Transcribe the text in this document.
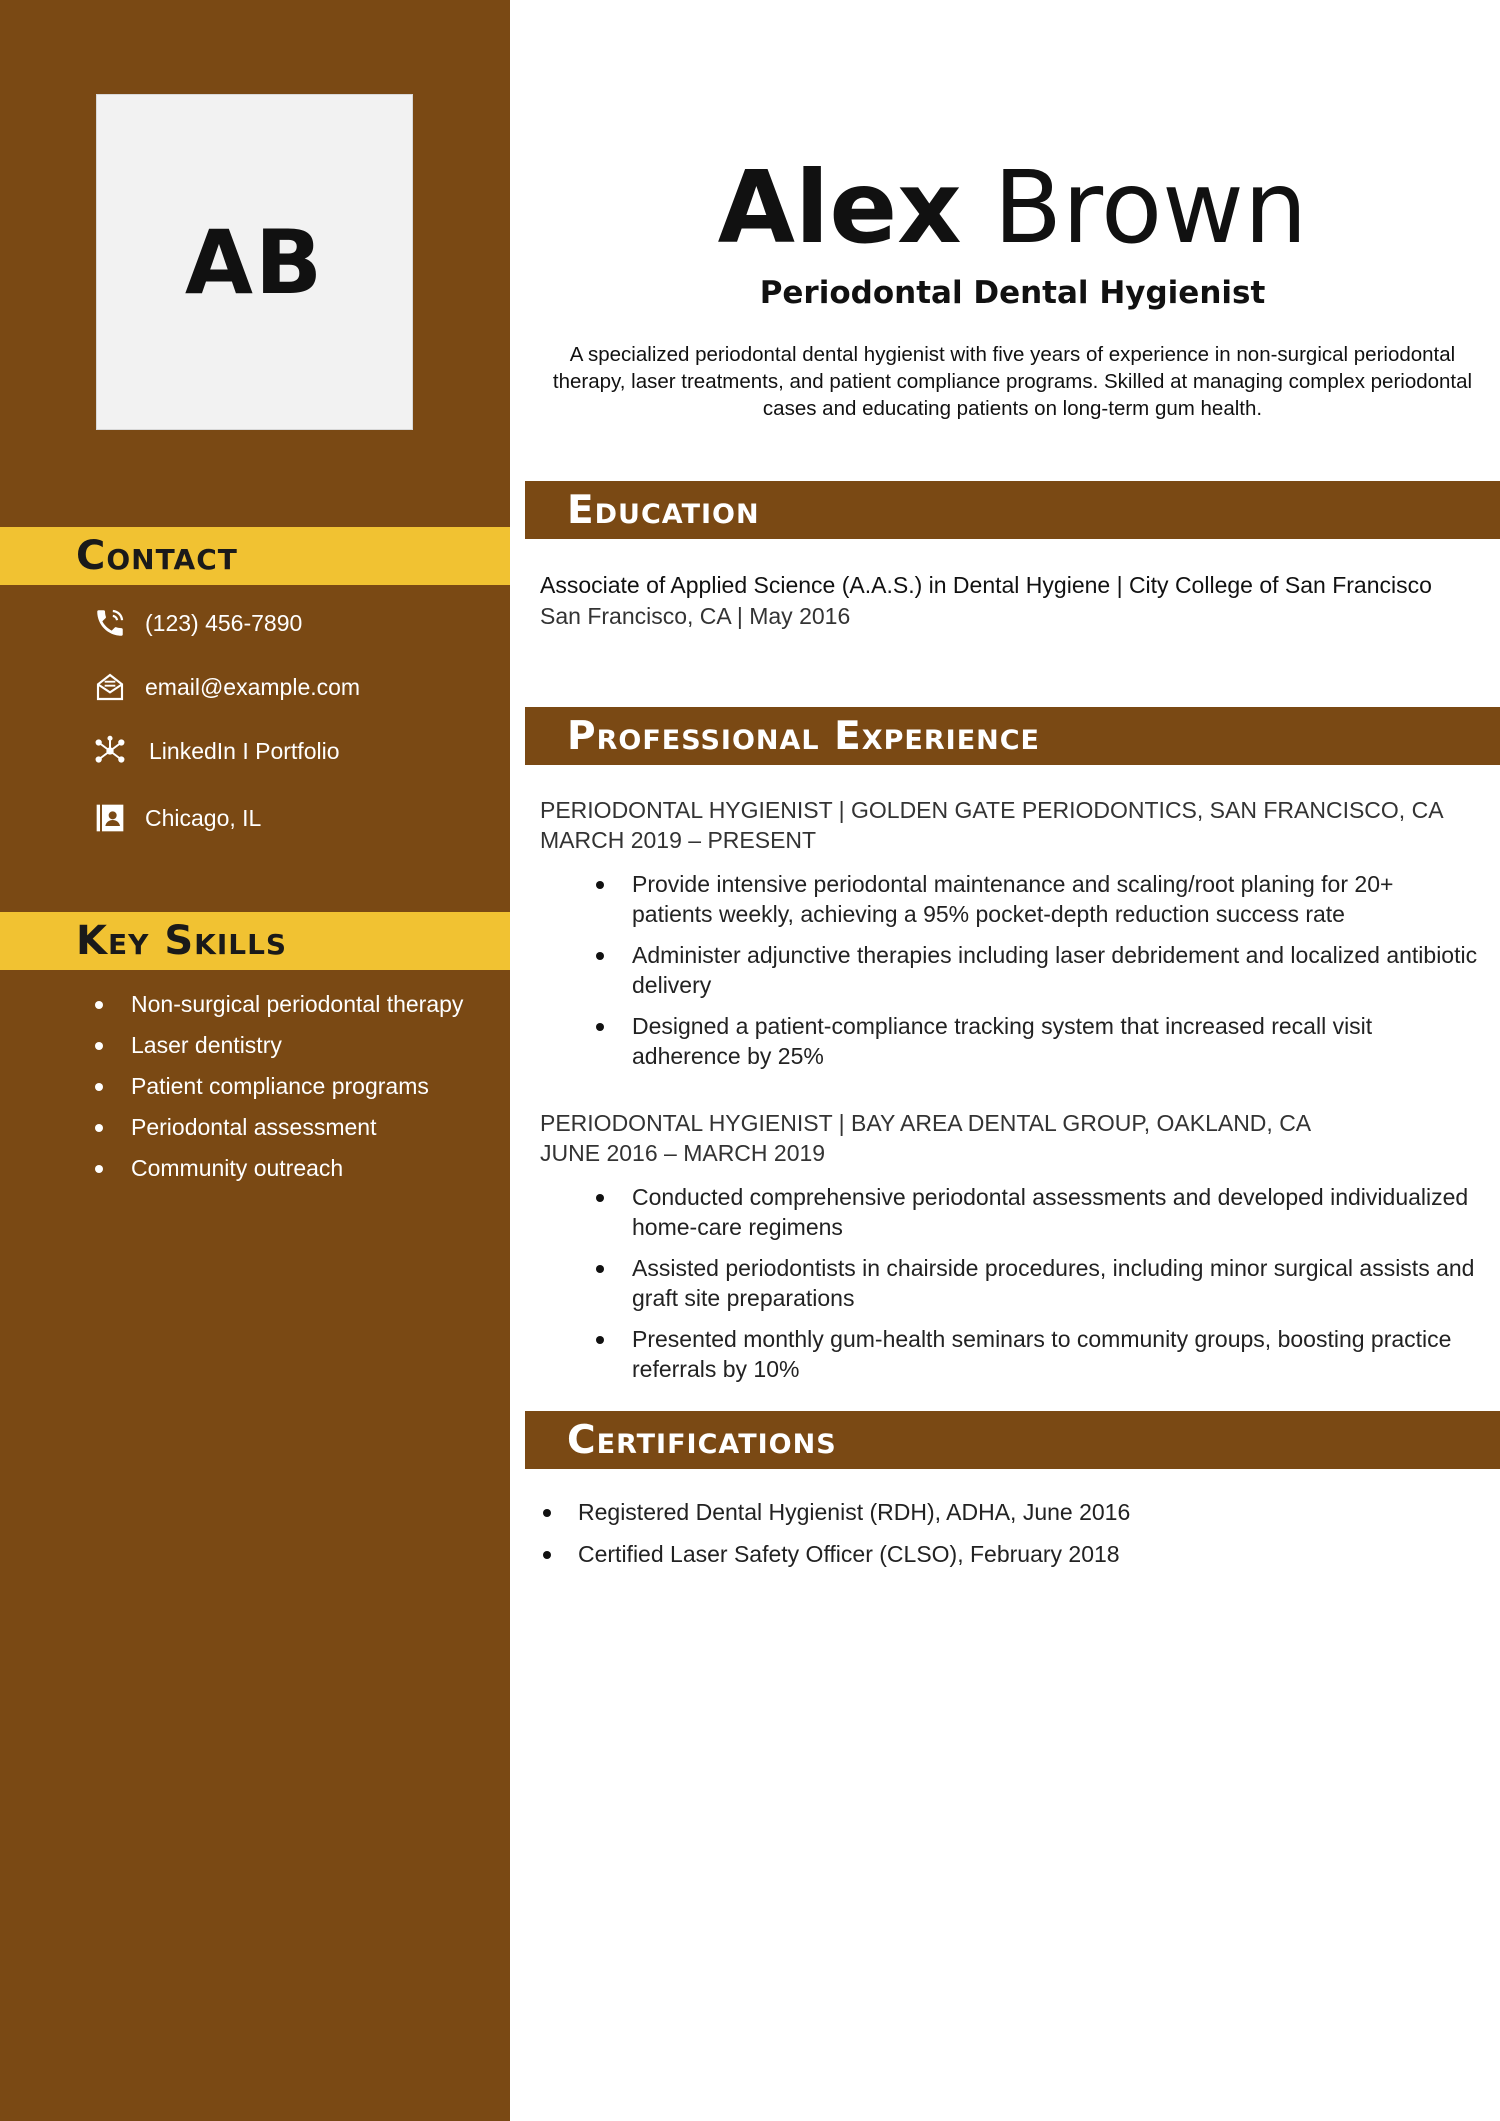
AB
Contact
(123) 456-7890
email@example.com
LinkedIn I Portfolio
Chicago, IL
Key Skills
Non-surgical periodontal therapy
Laser dentistry
Patient compliance programs
Periodontal assessment
Community outreach
Alex Brown
Periodontal Dental Hygienist
A specialized periodontal dental hygienist with five years of experience in non-surgical periodontal therapy, laser treatments, and patient compliance programs. Skilled at managing complex periodontal cases and educating patients on long-term gum health.
Education
Associate of Applied Science (A.A.S.) in Dental Hygiene | City College of San Francisco
San Francisco, CA | May 2016
Professional Experience
PERIODONTAL HYGIENIST | GOLDEN GATE PERIODONTICS, SAN FRANCISCO, CA
MARCH 2019 – PRESENT
Provide intensive periodontal maintenance and scaling/root planing for 20+ patients weekly, achieving a 95% pocket-depth reduction success rate
Administer adjunctive therapies including laser debridement and localized antibiotic delivery
Designed a patient-compliance tracking system that increased recall visit adherence by 25%
PERIODONTAL HYGIENIST | BAY AREA DENTAL GROUP, OAKLAND, CA
JUNE 2016 – MARCH 2019
Conducted comprehensive periodontal assessments and developed individualized home-care regimens
Assisted periodontists in chairside procedures, including minor surgical assists and graft site preparations
Presented monthly gum-health seminars to community groups, boosting practice referrals by 10%
Certifications
Registered Dental Hygienist (RDH), ADHA, June 2016
Certified Laser Safety Officer (CLSO), February 2018
